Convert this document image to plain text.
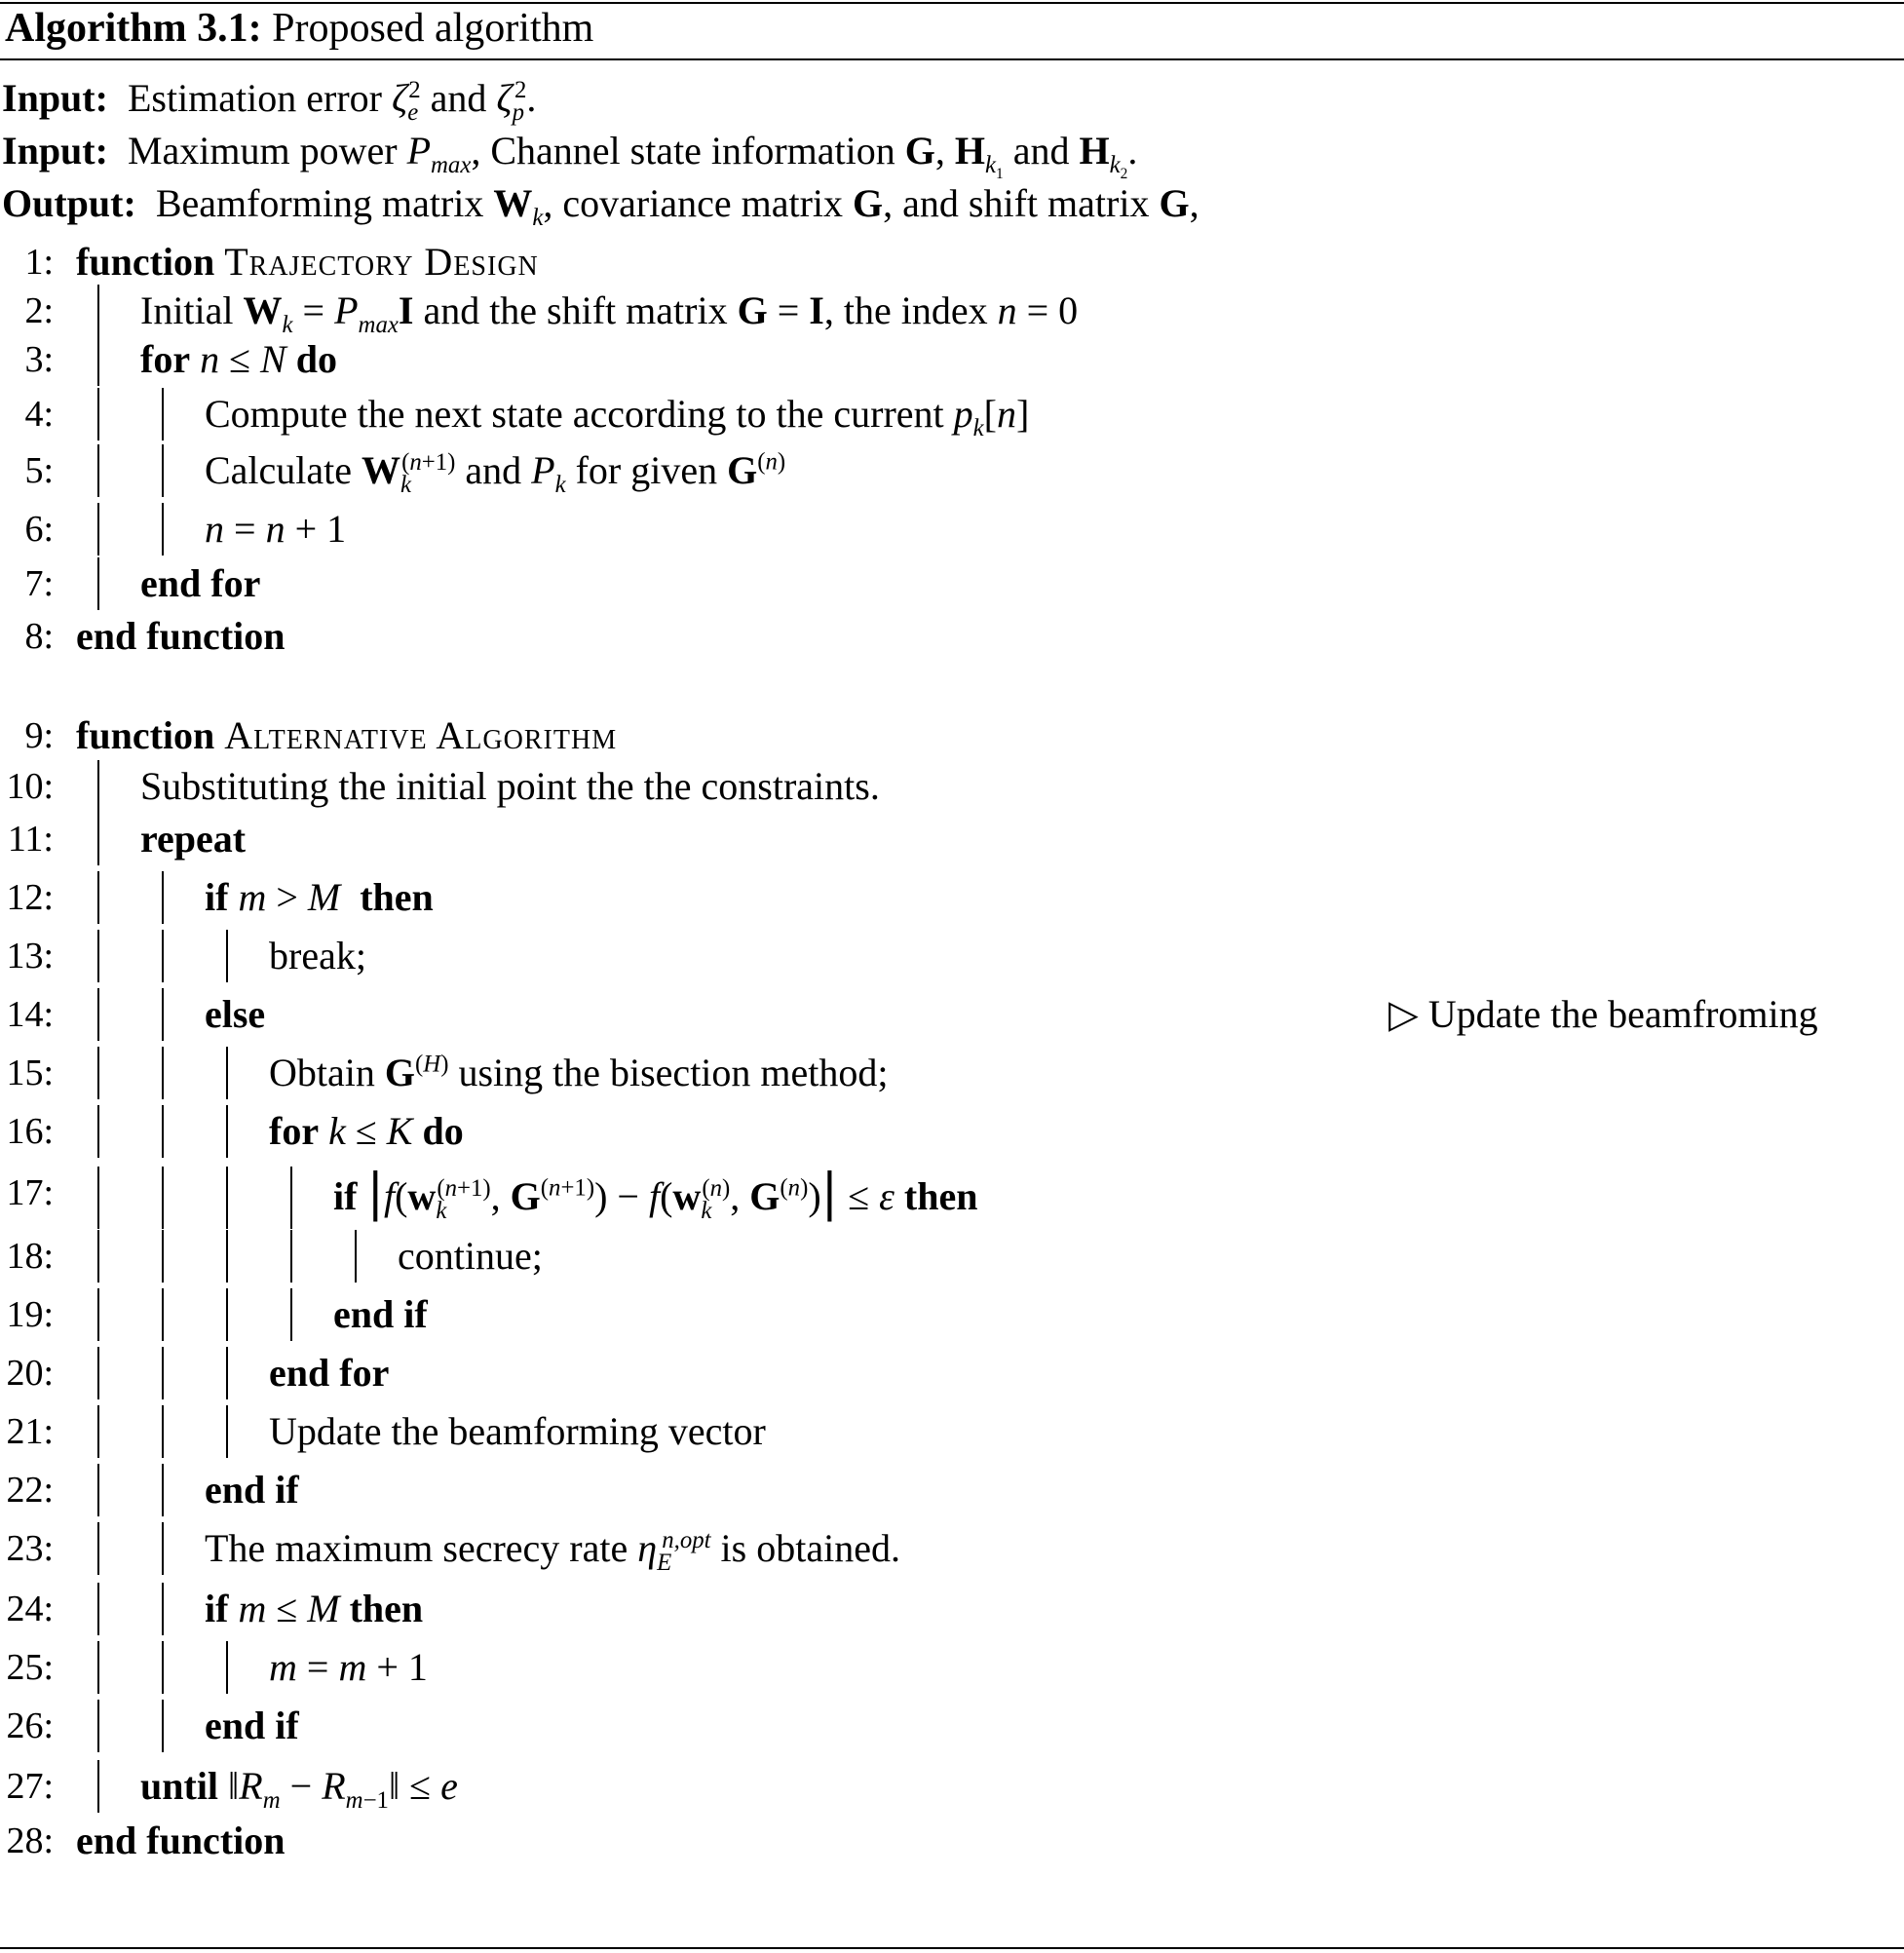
Algorithm 3.1: Proposed algorithm
Input:  Estimation error $\zeta_e^2$ and $\zeta_p^2$.
Input:  Maximum power $P_{max}$, Channel state information G, $H_{k_1}$ and $H_{k_2}$.
Output:  Beamforming matrix $W_k$, covariance matrix G, and shift matrix G,
1: function Trajectory Design
2: Initial $W_k = P_{max}I$ and the shift matrix G = I, the index n = 0
3: for n ≤ N do
4:	Compute the next state according to the current $p_k[n]$
5:	Calculate $W_k^{(n+1)}$ and $P_k$ for given $G^{(n)}$
6:	n = n + 1
7: end for
8: end function
9: function Alternative Algorithm
10: Substituting the initial point the the constraints.
11: repeat
12:	if m > M then
13:	break;
14:	else	▷ Update the beamfroming
15:	Obtain $G^{(H)}$ using the bisection method;
16:	for k ≤ K do
17:	if $|f(w_k^{(n+1)}$, $G^{(n+1)}) - f(w_k^{(n)}$, $G^{(n)})| \le \varepsilon$ then
18:	continue;
19:	end if
20:	end for
21:	Update the beamforming vector
22:	end if
23:	The maximum secrecy rate $\eta_E^{n,opt}$ is obtained.
24:	if m ≤ M then
25:	m = m + 1
26:	end if
27: until $‖R_m$ − $R_{m-1}‖ \le e$
28: end function
